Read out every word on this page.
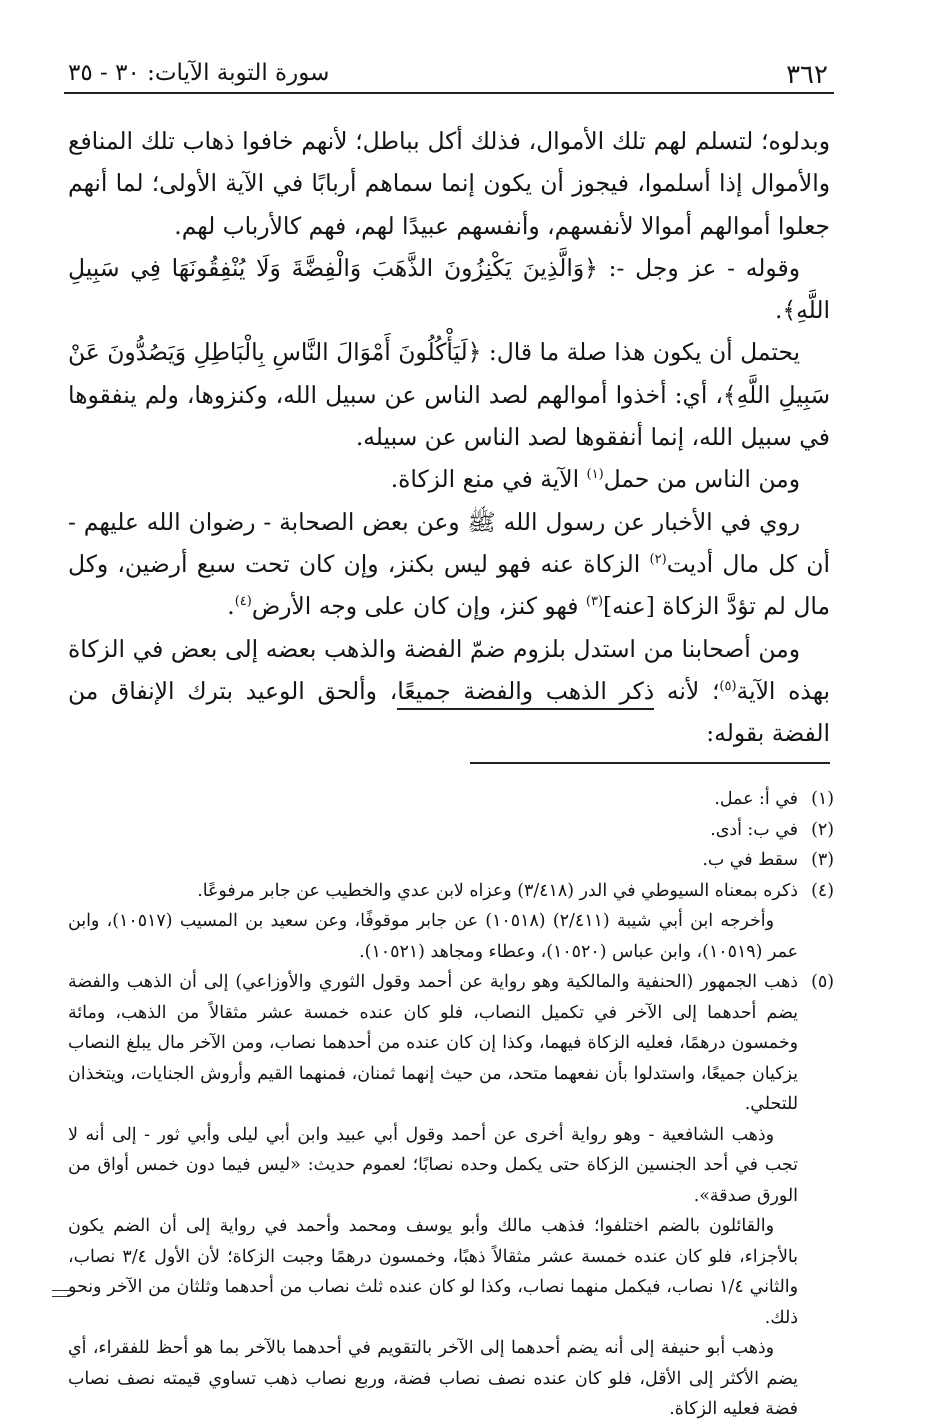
٣٦٢
سورة التوبة الآيات: ٣٠ - ٣٥

وبدلوه؛ لتسلم لهم تلك الأموال، فذلك أكل بباطل؛ لأنهم خافوا ذهاب تلك المنافع والأموال إذا أسلموا، فيجوز أن يكون إنما سماهم أربابًا في الآية الأولى؛ لما أنهم جعلوا أموالهم أموالا لأنفسهم، وأنفسهم عبيدًا لهم، فهم كالأرباب لهم.

وقوله - عز وجل -: ﴿وَالَّذِينَ يَكْنِزُونَ الذَّهَبَ وَالْفِضَّةَ وَلَا يُنْفِقُونَهَا فِي سَبِيلِ اللَّهِ﴾.

يحتمل أن يكون هذا صلة ما قال: ﴿لَيَأْكُلُونَ أَمْوَالَ النَّاسِ بِالْبَاطِلِ وَيَصُدُّونَ عَنْ سَبِيلِ اللَّهِ﴾، أي: أخذوا أموالهم لصد الناس عن سبيل الله، وكنزوها، ولم ينفقوها في سبيل الله، إنما أنفقوها لصد الناس عن سبيله.

ومن الناس من حمل$^{(١)}$ الآية في منع الزكاة.

روي في الأخبار عن رسول الله ﷺ وعن بعض الصحابة - رضوان الله عليهم - أن كل مال أديت$^{(٢)}$ الزكاة عنه فهو ليس بكنز، وإن كان تحت سبع أرضين، وكل مال لم تؤدَّ الزكاة [عنه]$^{(٣)}$ فهو كنز، وإن كان على وجه الأرض$^{(٤)}$.

ومن أصحابنا من استدل بلزوم ضمّ الفضة والذهب بعضه إلى بعض في الزكاة بهذه الآية$^{(٥)}$؛ لأنه ذكر الذهب والفضة جميعًا، وألحق الوعيد بترك الإنفاق من الفضة بقوله:

(١)

في أ: عمل.

(٢)

في ب: أدى.

(٣)

سقط في ب.

(٤)

ذكره بمعناه السيوطي في الدر (٣/٤١٨) وعزاه لابن عدي والخطيب عن جابر مرفوعًا.

وأخرجه ابن أبي شيبة (٢/٤١١) (١٠٥١٨) عن جابر موقوفًا، وعن سعيد بن المسيب (١٠٥١٧)، وابن عمر (١٠٥١٩)، وابن عباس (١٠٥٢٠)، وعطاء ومجاهد (١٠٥٢١).

(٥)

ذهب الجمهور (الحنفية والمالكية وهو رواية عن أحمد وقول الثوري والأوزاعي) إلى أن الذهب والفضة يضم أحدهما إلى الآخر في تكميل النصاب، فلو كان عنده خمسة عشر مثقالاً من الذهب، ومائة وخمسون درهمًا، فعليه الزكاة فيهما، وكذا إن كان عنده من أحدهما نصاب، ومن الآخر مال يبلغ النصاب يزكيان جميعًا، واستدلوا بأن نفعهما متحد، من حيث إنهما ثمنان، فمنهما القيم وأروش الجنايات، ويتخذان للتحلي.

وذهب الشافعية - وهو رواية أخرى عن أحمد وقول أبي عبيد وابن أبي ليلى وأبي ثور - إلى أنه لا تجب في أحد الجنسين الزكاة حتى يكمل وحده نصابًا؛ لعموم حديث: «ليس فيما دون خمس أواق من الورق صدقة».

والقائلون بالضم اختلفوا؛ فذهب مالك وأبو يوسف ومحمد وأحمد في رواية إلى أن الضم يكون بالأجزاء، فلو كان عنده خمسة عشر مثقالاً ذهبًا، وخمسون درهمًا وجبت الزكاة؛ لأن الأول ٣/٤ نصاب، والثاني ١/٤ نصاب، فيكمل منهما نصاب، وكذا لو كان عنده ثلث نصاب من أحدهما وثلثان من الآخر ونحو ذلك.

وذهب أبو حنيفة إلى أنه يضم أحدهما إلى الآخر بالتقويم في أحدهما بالآخر بما هو أحظ للفقراء، أي يضم الأكثر إلى الأقل، فلو كان عنده نصف نصاب فضة، وربع نصاب ذهب تساوي قيمته نصف نصاب فضة فعليه الزكاة.
